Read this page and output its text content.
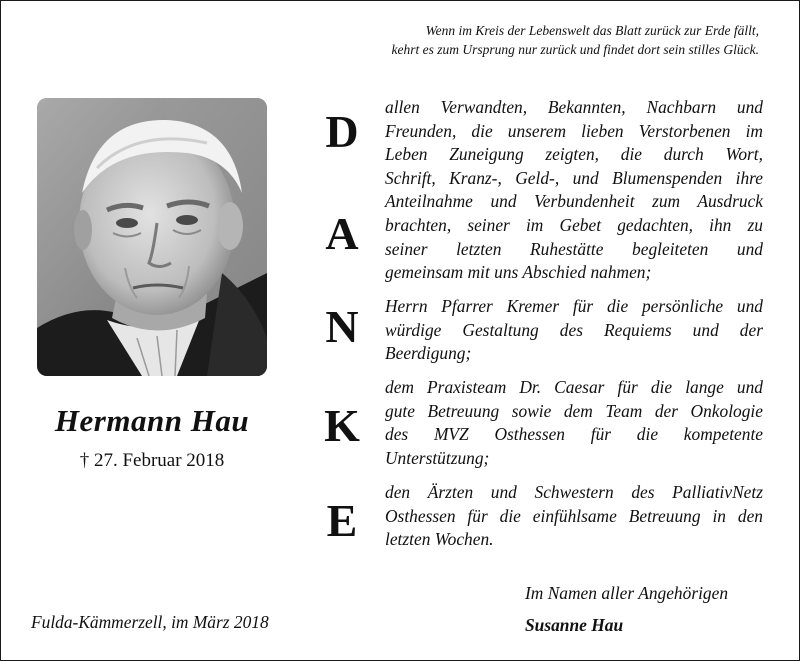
Wenn im Kreis der Lebenswelt das Blatt zurück zur Erde fällt,
kehrt es zum Ursprung nur zurück und findet dort sein stilles Glück.
Hermann Hau
† 27. Februar 2018
D
A
N
K
E
allen Verwandten, Bekannten, Nachbarn und
Freunden, die unserem lieben Verstorbenen im
Leben Zuneigung zeigten, die durch Wort,
Schrift, Kranz-, Geld-, und Blumenspenden ihre
Anteilnahme und Verbundenheit zum Ausdruck
brachten, seiner im Gebet gedachten, ihn zu
seiner letzten Ruhestätte begleiteten und
gemeinsam mit uns Abschied nahmen;
Herrn Pfarrer Kremer für die persönliche und
würdige Gestaltung des Requiems und der
Beerdigung;
dem Praxisteam Dr. Caesar für die lange und
gute Betreuung sowie dem Team der Onkologie
des MVZ Osthessen für die kompetente
Unterstützung;
den Ärzten und Schwestern des PalliativNetz
Osthessen für die einfühlsame Betreuung in den
letzten Wochen.
Fulda-Kämmerzell, im März 2018
Im Namen aller Angehörigen
Susanne Hau
